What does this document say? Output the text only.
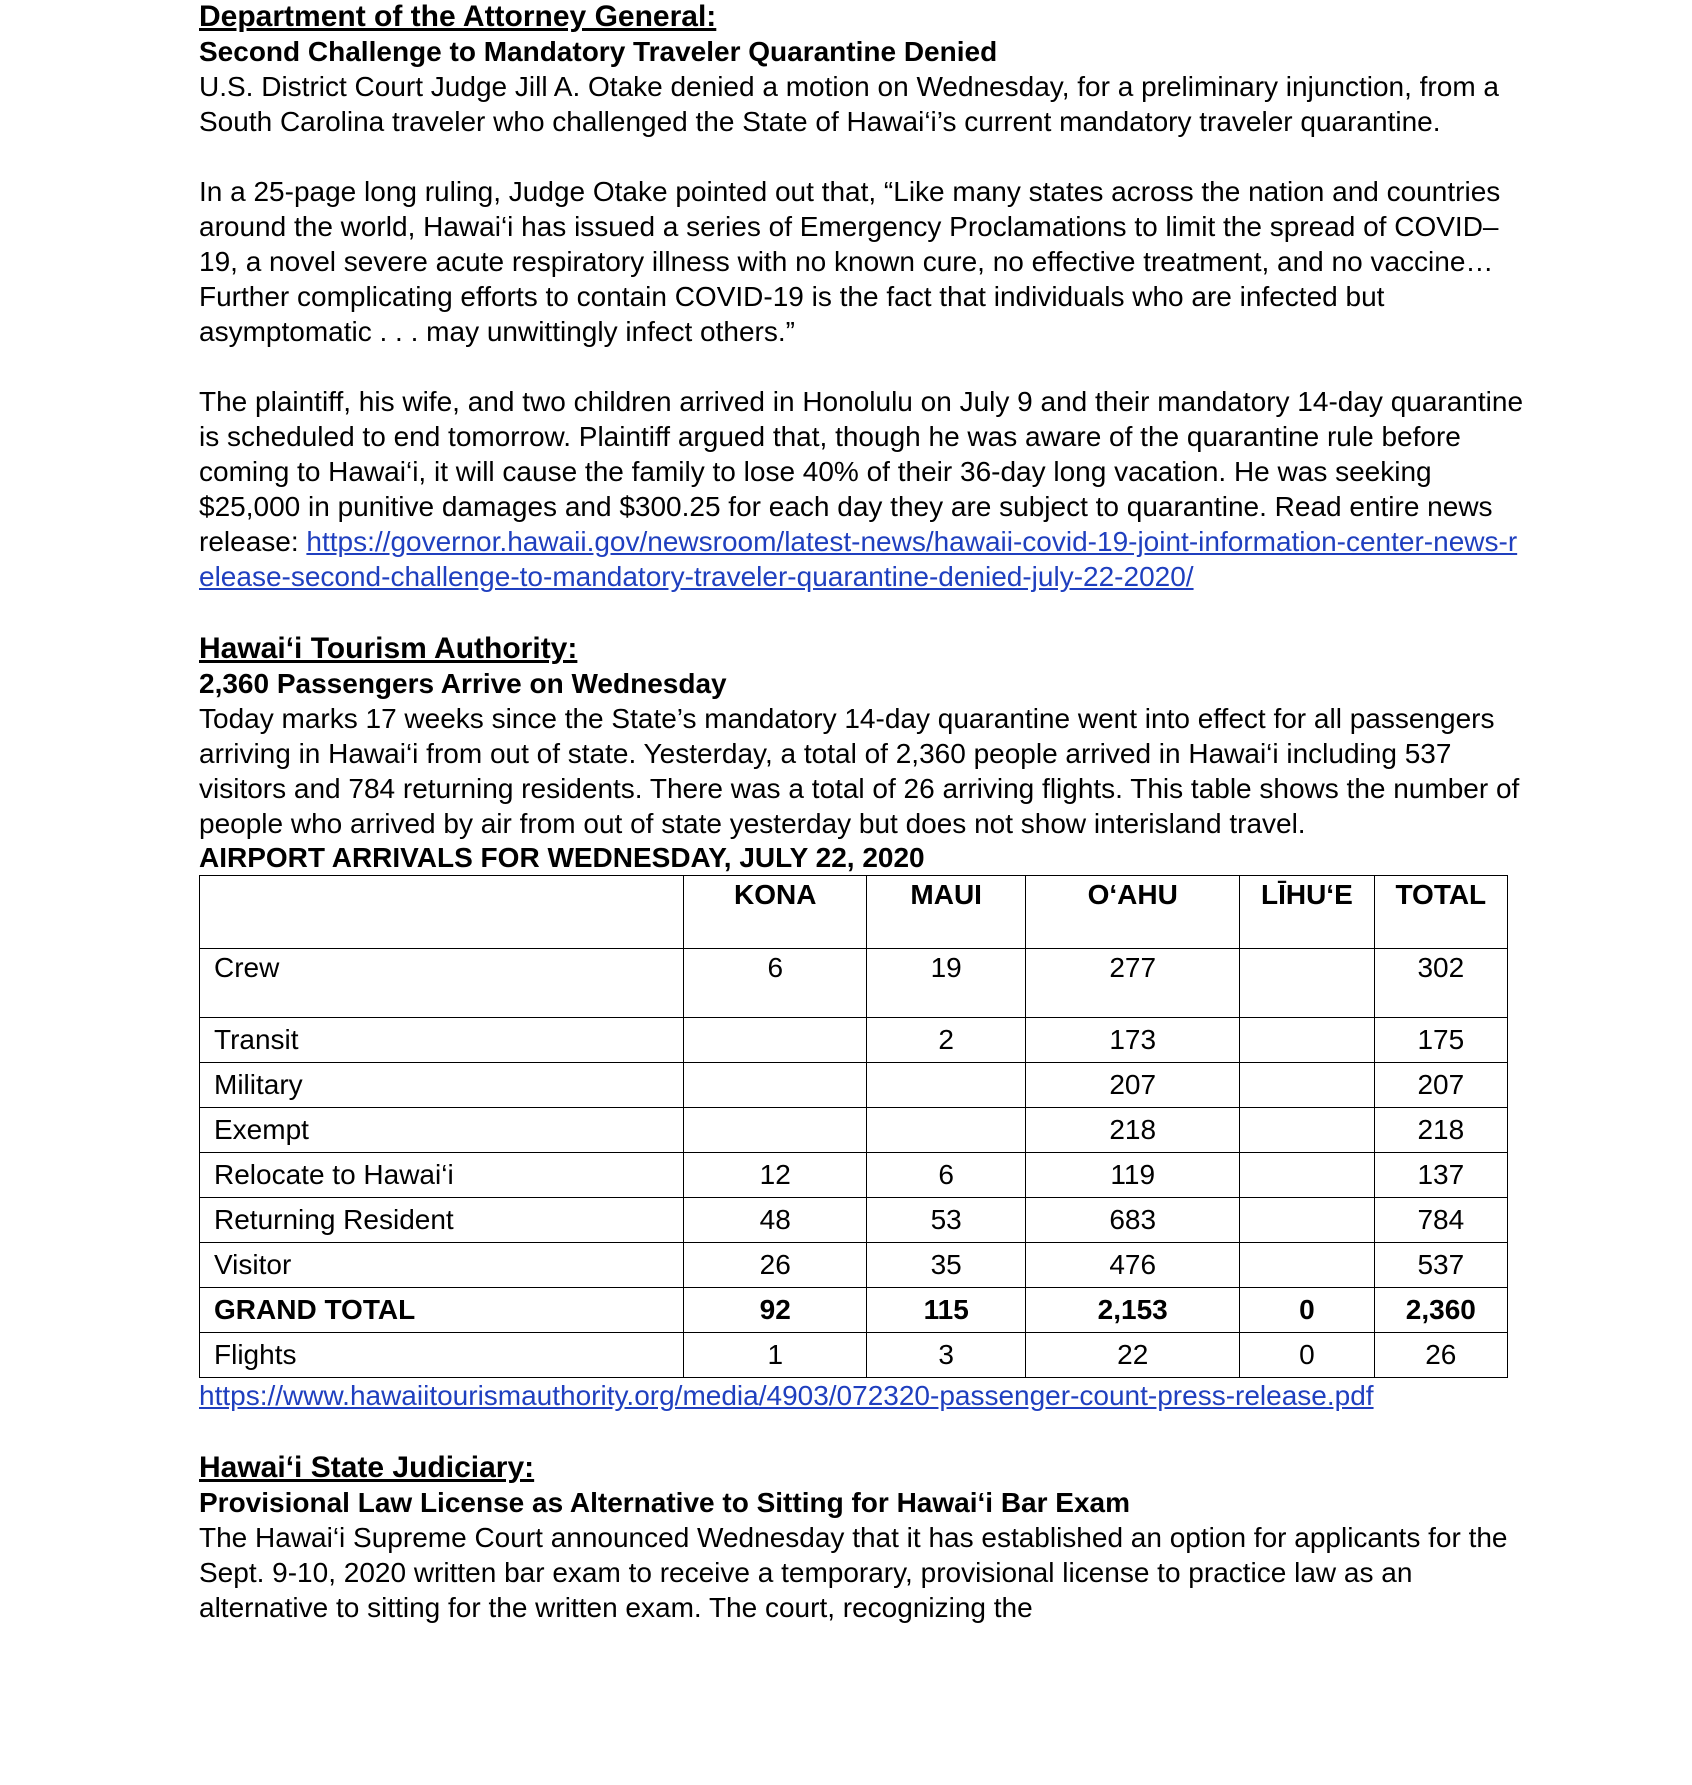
Department of the Attorney General:

Second Challenge to Mandatory Traveler Quarantine Denied

U.S. District Court Judge Jill A. Otake denied a motion on Wednesday, for a preliminary injunction, from a South Carolina traveler who challenged the State of Hawai‘i’s current mandatory traveler quarantine.

In a 25-page long ruling, Judge Otake pointed out that, “Like many states across the nation and countries around the world, Hawai‘i has issued a series of Emergency Proclamations to limit the spread of COVID–19, a novel severe acute respiratory illness with no known cure, no effective treatment, and no vaccine…Further complicating efforts to contain COVID-19 is the fact that individuals who are infected but asymptomatic . . . may unwittingly infect others.”

The plaintiff, his wife, and two children arrived in Honolulu on July 9 and their mandatory 14-day quarantine is scheduled to end tomorrow. Plaintiff argued that, though he was aware of the quarantine rule before coming to Hawai‘i, it will cause the family to lose 40% of their 36-day long vacation. He was seeking $25,000 in punitive damages and $300.25 for each day they are subject to quarantine. Read entire news release: https://governor.hawaii.gov/newsroom/latest-news/hawaii-covid-19-joint-information-center-news-release-second-challenge-to-mandatory-traveler-quarantine-denied-july-22-2020/

Hawai‘i Tourism Authority:

2,360 Passengers Arrive on Wednesday

Today marks 17 weeks since the State’s mandatory 14-day quarantine went into effect for all passengers arriving in Hawai‘i from out of state. Yesterday, a total of 2,360 people arrived in Hawai‘i including 537 visitors and 784 returning residents. There was a total of 26 arriving flights. This table shows the number of people who arrived by air from out of state yesterday but does not show interisland travel.

AIRPORT ARRIVALS FOR WEDNESDAY, JULY 22, 2020

	KONA	MAUI	O‘AHU	LĪHU‘E	TOTAL
Crew	6	19	277		302
Transit		2	173		175
Military			207		207
Exempt			218		218
Relocate to Hawai‘i	12	6	119		137
Returning Resident	48	53	683		784
Visitor	26	35	476		537
GRAND TOTAL	92	115	2,153	0	2,360
Flights	1	3	22	0	26

https://www.hawaiitourismauthority.org/media/4903/072320-passenger-count-press-release.pdf

Hawai‘i State Judiciary:

Provisional Law License as Alternative to Sitting for Hawai‘i Bar Exam

The Hawai‘i Supreme Court announced Wednesday that it has established an option for applicants for the Sept. 9-10, 2020 written bar exam to receive a temporary, provisional license to practice law as an alternative to sitting for the written exam. The court, recognizing the
